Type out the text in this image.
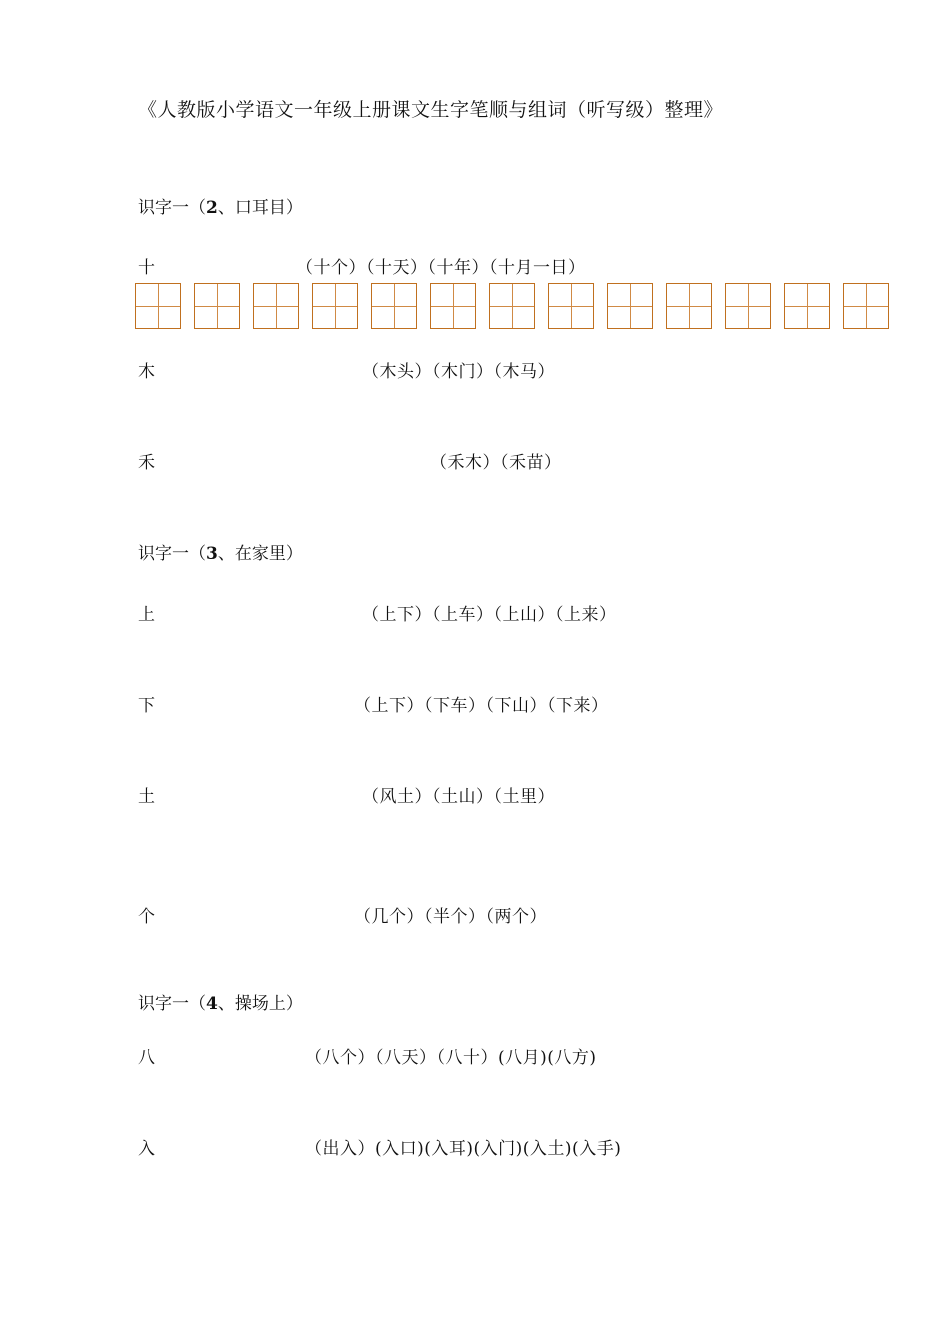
《人教版小学语文一年级上册课文生字笔顺与组词（听写级）整理》
识字一（2、口耳目）
十	（十个）（十天）（十年）（十月一日）
木	（木头）（木门）（木马）
禾	（禾木）（禾苗）
识字一（3、在家里）
上	（上下）（上车）（上山）（上来）
下	（上下）（下车）（下山）（下来）
土	（风土）（土山）（土里）
个	（几个）（半个）（两个）
识字一（4、操场上）
八	（八个）（八天）（八十）(八月)(八方)
入	（出入）(入口)(入耳)(入门)(入土)(入手)
